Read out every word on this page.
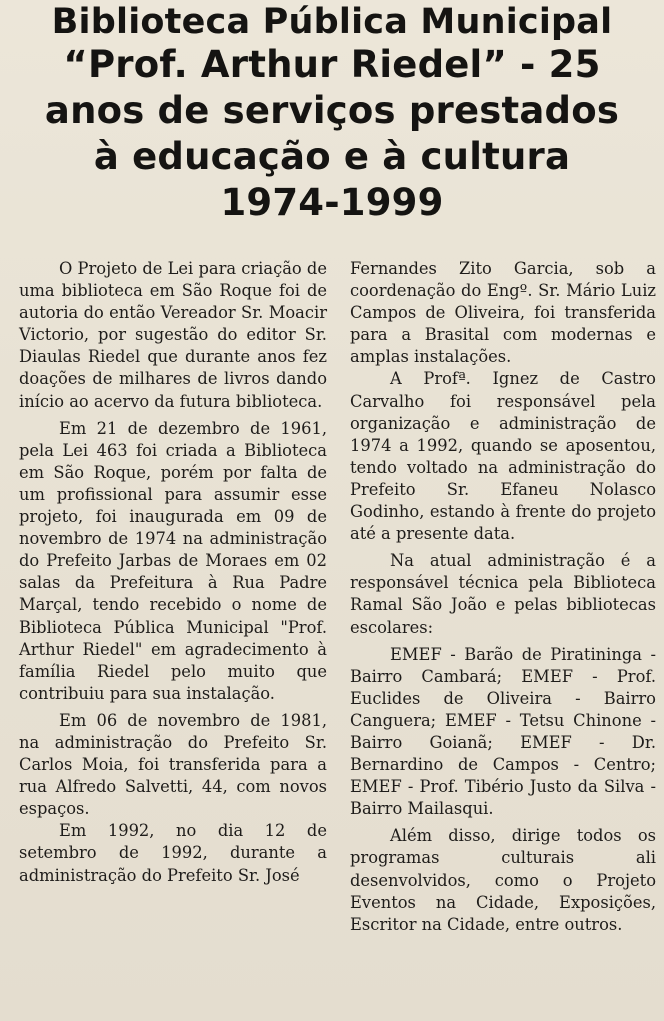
Biblioteca Pública Municipal
“Prof. Arthur Riedel” - 25
anos de serviços prestados
à educação e à cultura
1974-1999

O Projeto de Lei para criação de uma biblioteca em São Roque foi de autoria do então Vereador Sr. Moacir Victorio, por sugestão do editor Sr. Diaulas Riedel que durante anos fez doações de milhares de livros dando início ao acervo da futura biblioteca.

Em 21 de dezembro de 1961, pela Lei 463 foi criada a Biblioteca em São Roque, porém por falta de um profissional para assumir esse projeto, foi inaugurada em 09 de novembro de 1974 na administração do Prefeito Jarbas de Moraes em 02 salas da Prefeitura à Rua Padre Marçal, tendo recebido o nome de Biblioteca Pública Municipal "Prof. Arthur Riedel" em agradecimento à família Riedel pelo muito que contribuiu para sua instalação.

Em 06 de novembro de 1981, na administração do Prefeito Sr. Carlos Moia, foi transferida para a rua Alfredo Salvetti, 44, com novos espaços.

Em 1992, no dia 12 de setembro de 1992, durante a administração do Prefeito Sr. José

Fernandes Zito Garcia, sob a coordenação do Engº. Sr. Mário Luiz Campos de Oliveira, foi transferida para a Brasital com modernas e amplas instalações.

A Profª. Ignez de Castro Carvalho foi responsável pela organização e administração de 1974 a 1992, quando se aposentou, tendo voltado na administração do Prefeito Sr. Efaneu Nolasco Godinho, estando à frente do projeto até a presente data.

Na atual administração é a responsável técnica pela Biblioteca Ramal São João e pelas bibliotecas escolares:

EMEF - Barão de Piratininga - Bairro Cambará; EMEF - Prof. Euclides de Oliveira - Bairro Canguera; EMEF - Tetsu Chinone - Bairro Goianã; EMEF - Dr. Bernardino de Campos - Centro; EMEF - Prof. Tibério Justo da Silva -Bairro Mailasqui.

Além disso, dirige todos os programas culturais ali desenvolvidos, como o Projeto Eventos na Cidade, Exposições, Escritor na Cidade, entre outros.
